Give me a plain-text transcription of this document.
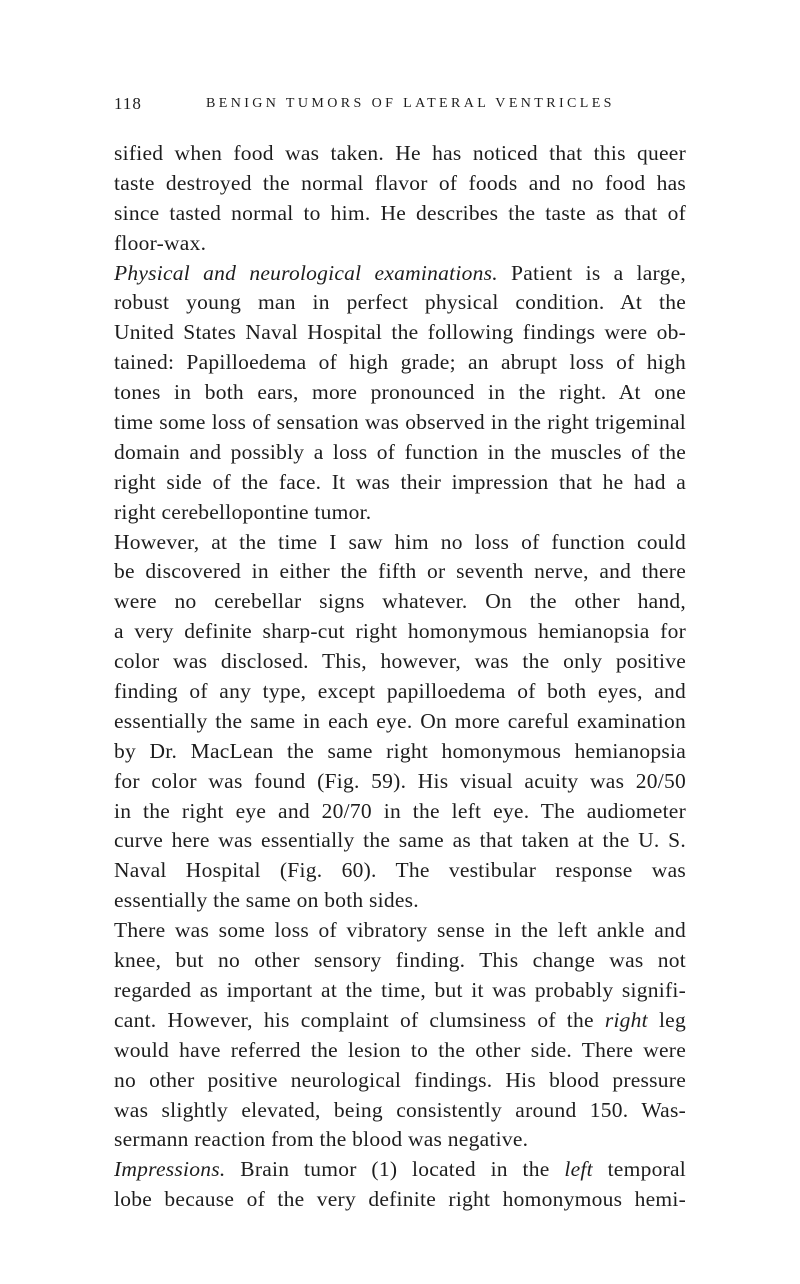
118	BENIGN TUMORS OF LATERAL VENTRICLES
sified when food was taken. He has noticed that this queer
taste destroyed the normal flavor of foods and no food has
since tasted normal to him. He describes the taste as that of
floor-wax.
Physical and neurological examinations. Patient is a large,
robust young man in perfect physical condition. At the
United States Naval Hospital the following findings were ob-
tained: Papilloedema of high grade; an abrupt loss of high
tones in both ears, more pronounced in the right. At one
time some loss of sensation was observed in the right trigeminal
domain and possibly a loss of function in the muscles of the
right side of the face. It was their impression that he had a
right cerebellopontine tumor.
However, at the time I saw him no loss of function could
be discovered in either the fifth or seventh nerve, and there
were no cerebellar signs whatever. On the other hand,
a very definite sharp-cut right homonymous hemianopsia for
color was disclosed. This, however, was the only positive
finding of any type, except papilloedema of both eyes, and
essentially the same in each eye. On more careful examination
by Dr. MacLean the same right homonymous hemianopsia
for color was found (Fig. 59). His visual acuity was 20/50
in the right eye and 20/70 in the left eye. The audiometer
curve here was essentially the same as that taken at the U. S.
Naval Hospital (Fig. 60). The vestibular response was
essentially the same on both sides.
There was some loss of vibratory sense in the left ankle and
knee, but no other sensory finding. This change was not
regarded as important at the time, but it was probably signifi-
cant. However, his complaint of clumsiness of the right leg
would have referred the lesion to the other side. There were
no other positive neurological findings. His blood pressure
was slightly elevated, being consistently around 150. Was-
sermann reaction from the blood was negative.
Impressions. Brain tumor (1) located in the left temporal
lobe because of the very definite right homonymous hemi-
